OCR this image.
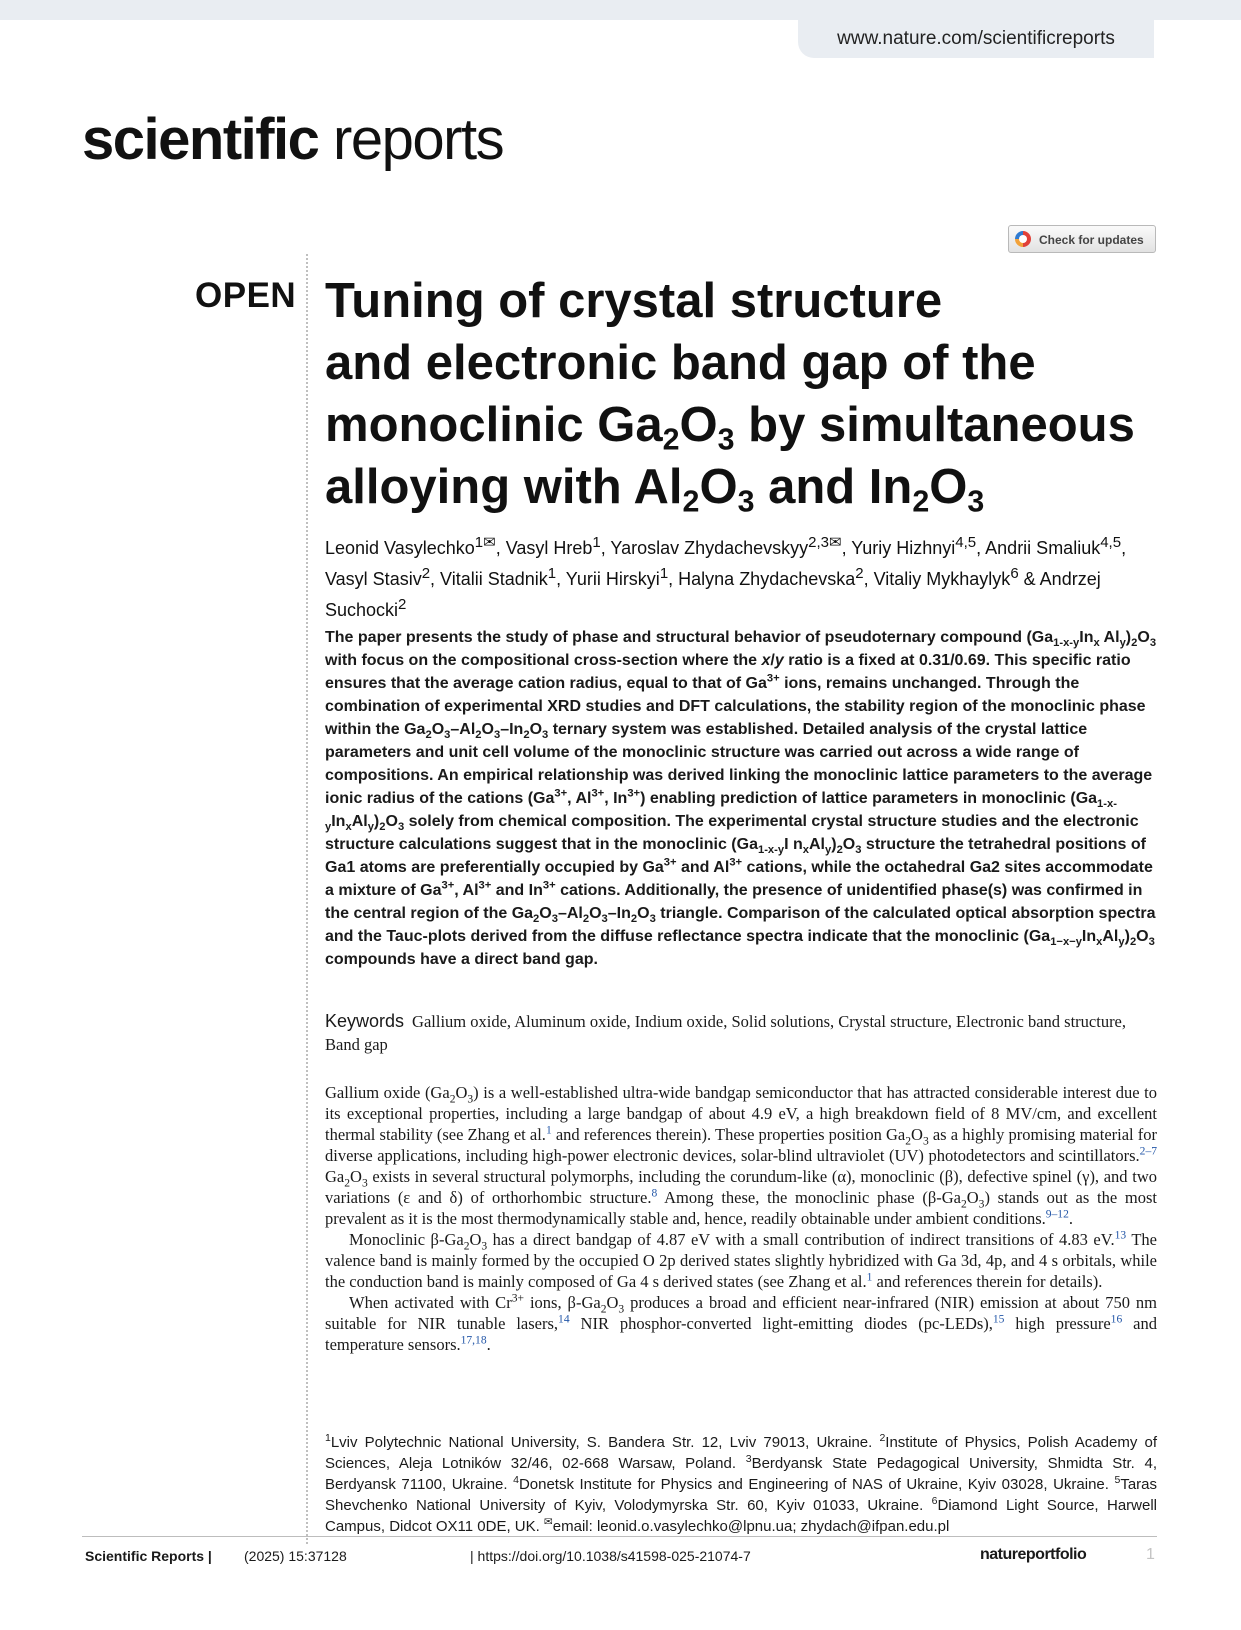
www.nature.com/scientificreports
scientific reports
Check for updates
OPEN Tuning of crystal structure
and electronic band gap of the
monoclinic $Ga_2O_3$ by simultaneous
alloying with $Al_2O_3$ and $In_2O_3$
Leonid Vasylechko$^{1✉}$, Vasyl Hreb$^1$, Yaroslav Zhydachevskyy$^{2,3✉}$, Yuriy Hizhnyi$^{4,5}$, Andrii Smaliuk$^{4,5}$, Vasyl Stasiv$^2$, Vitalii Stadnik$^1$, Yurii Hirskyi$^1$, Halyna Zhydachevska$^2$, Vitaliy Mykhaylyk$^6$ & Andrzej Suchocki$^2$
The paper presents the study of phase and structural behavior of pseudoternary compound ($Ga_{1-x-y}In_x$ $Al_y)_2O_3$ with focus on the compositional cross-section where the x/y ratio is a fixed at 0.31/0.69. This specific ratio ensures that the average cation radius, equal to that of $Ga^{3+}$ ions, remains unchanged. Through the combination of experimental XRD studies and DFT calculations, the stability region of the monoclinic phase within the $Ga_2O_3-Al_2O_3-In_2O_3$ ternary system was established. Detailed analysis of the crystal lattice parameters and unit cell volume of the monoclinic structure was carried out across a wide range of compositions. An empirical relationship was derived linking the monoclinic lattice parameters to the average ionic radius of the cations ($Ga^{3+}$, $Al^{3+}$, $In^{3+}$) enabling prediction of lattice parameters in monoclinic $(Ga_{1-x-y}In_xAl_y)_2O_3$ solely from chemical composition. The experimental crystal structure studies and the electronic structure calculations suggest that in the monoclinic ($Ga_{1-x-y}I$ $n_xAl_y)_2O_3$ structure the tetrahedral positions of Ga1 atoms are preferentially occupied by $Ga^{3+}$ and $Al^{3+}$ cations, while the octahedral Ga2 sites accommodate a mixture of $Ga^{3+}$, $Al^{3+}$ and $In^{3+}$ cations. Additionally, the presence of unidentified phase(s) was confirmed in the central region of the $Ga_2O_3-Al_2O_3-In_2O_3$ triangle. Comparison of the calculated optical absorption spectra and the Tauc-plots derived from the diffuse reflectance spectra indicate that the monoclinic $(Ga_{1-x-y}In_xAl_y)_2O_3$ compounds have a direct band gap.
Keywords Gallium oxide, Aluminum oxide, Indium oxide, Solid solutions, Crystal structure, Electronic band structure, Band gap

Gallium oxide $(Ga_2O_3)$ is a well-established ultra-wide bandgap semiconductor that has attracted considerable interest due to its exceptional properties, including a large bandgap of about 4.9 eV, a high breakdown field of 8 MV/cm, and excellent thermal stability (see Zhang et al.$^1$ and references therein). These properties position $Ga_2O_3$ as a highly promising material for diverse applications, including high-power electronic devices, solar-blind ultraviolet (UV) photodetectors and scintillators.$^{2-7}$ $Ga_2O_3$ exists in several structural polymorphs, including the corundum-like (α), monoclinic (β), defective spinel (γ), and two variations (ε and δ) of orthorhombic structure.$^8$ Among these, the monoclinic phase $(\beta-Ga_2O_3)$ stands out as the most prevalent as it is the most thermodynamically stable and, hence, readily obtainable under ambient conditions.$^{9-12}$.

Monoclinic $\beta-Ga_2O_3$ has a direct bandgap of 4.87 eV with a small contribution of indirect transitions of 4.83 eV.$^{13}$ The valence band is mainly formed by the occupied O 2p derived states slightly hybridized with Ga 3d, 4p, and 4 s orbitals, while the conduction band is mainly composed of Ga 4 s derived states (see Zhang et al.$^1$ and references therein for details).

When activated with $Cr^{3+}$ ions, $\beta-Ga_2O_3$ produces a broad and efficient near-infrared (NIR) emission at about 750 nm suitable for NIR tunable lasers,$^{14}$ NIR phosphor-converted light-emitting diodes (pc-LEDs),$^{15}$ high pressure$^{16}$ and temperature sensors.$^{17,18}$.

$^1$Lviv Polytechnic National University, S. Bandera Str. 12, Lviv 79013, Ukraine. $^2$Institute of Physics, Polish Academy of Sciences, Aleja Lotników 32/46, 02-668 Warsaw, Poland. $^3$Berdyansk State Pedagogical University, Shmidta Str. 4, Berdyansk 71100, Ukraine. $^4$Donetsk Institute for Physics and Engineering of NAS of Ukraine, Kyiv 03028, Ukraine. $^5$Taras Shevchenko National University of Kyiv, Volodymyrska Str. 60, Kyiv 01033, Ukraine. $^6$Diamond Light Source, Harwell Campus, Didcot OX11 0DE, UK. ✉email: leonid.o.vasylechko@lpnu.ua; zhydach@ifpan.edu.pl
Scientific Reports | (2025) 15:37128	| https://doi.org/10.1038/s41598-025-21074-7	natureportfolio	1
